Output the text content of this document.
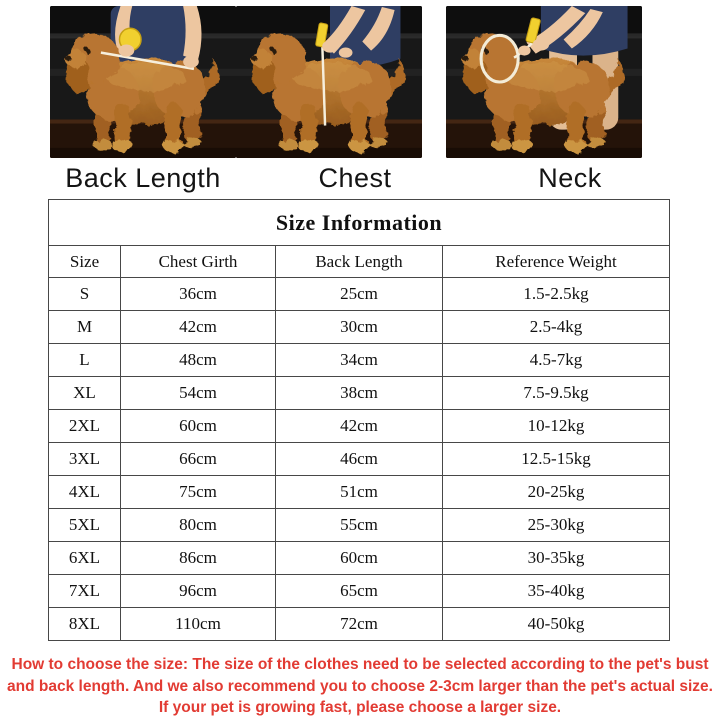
Back Length	Chest	Neck
Size Information			
Size	Chest Girth	Back Length	Reference Weight
S	36cm	25cm	1.5-2.5kg
M	42cm	30cm	2.5-4kg
L	48cm	34cm	4.5-7kg
XL	54cm	38cm	7.5-9.5kg
2XL	60cm	42cm	10-12kg
3XL	66cm	46cm	12.5-15kg
4XL	75cm	51cm	20-25kg
5XL	80cm	55cm	25-30kg
6XL	86cm	60cm	30-35kg
7XL	96cm	65cm	35-40kg
8XL	110cm	72cm	40-50kg
How to choose the size: The size of the clothes need to be selected according to the pet's bust
and back length. And we also recommend you to choose 2-3cm larger than the pet's actual size.
If your pet is growing fast, please choose a larger size.
